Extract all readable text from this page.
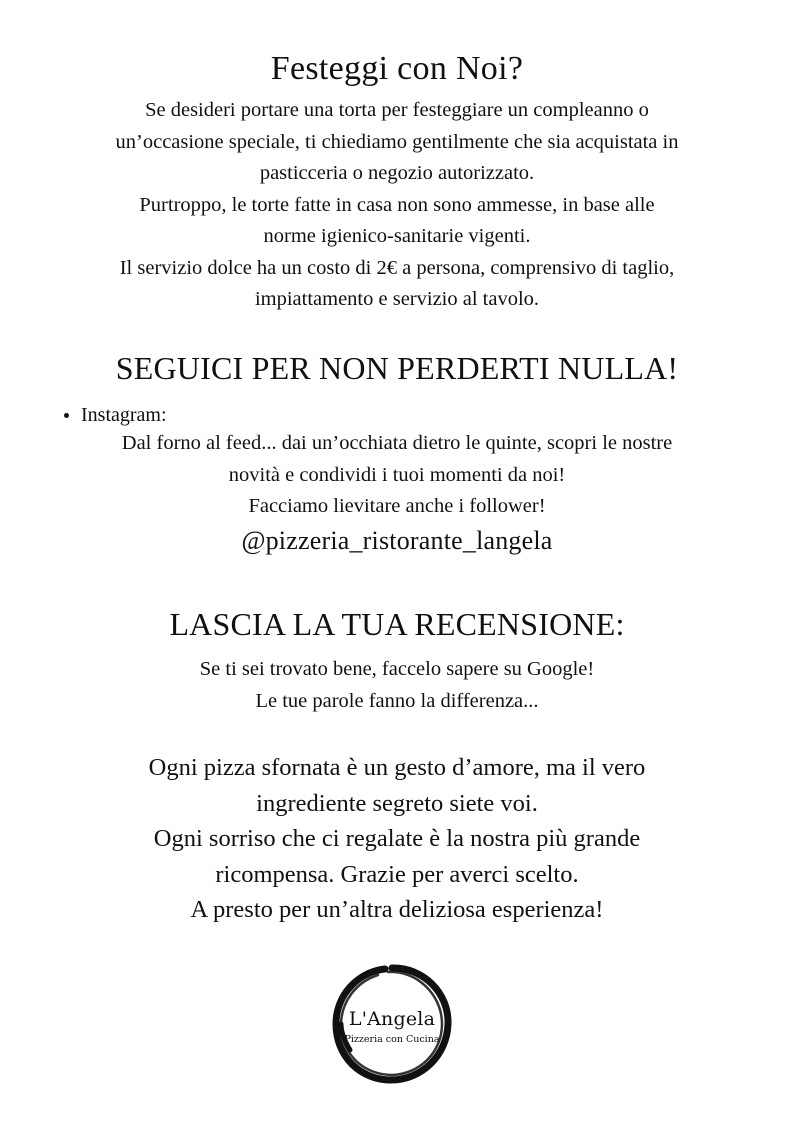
Festeggi con Noi?
Se desideri portare una torta per festeggiare un compleanno o
un’occasione speciale, ti chiediamo gentilmente che sia acquistata in
pasticceria o negozio autorizzato.
Purtroppo, le torte fatte in casa non sono ammesse, in base alle
norme igienico-sanitarie vigenti.
Il servizio dolce ha un costo di 2€ a persona, comprensivo di taglio,
impiattamento e servizio al tavolo.
SEGUICI PER NON PERDERTI NULLA!
Instagram:
Dal forno al feed... dai un’occhiata dietro le quinte, scopri le nostre
novità e condividi i tuoi momenti da noi!
Facciamo lievitare anche i follower!
@pizzeria_ristorante_langela
LASCIA LA TUA RECENSIONE:
Se ti sei trovato bene, faccelo sapere su Google!
Le tue parole fanno la differenza...
Ogni pizza sfornata è un gesto d’amore, ma il vero
ingrediente segreto siete voi.
Ogni sorriso che ci regalate è la nostra più grande
ricompensa. Grazie per averci scelto.
A presto per un’altra deliziosa esperienza!
L'Angela
Pizzeria con Cucina
